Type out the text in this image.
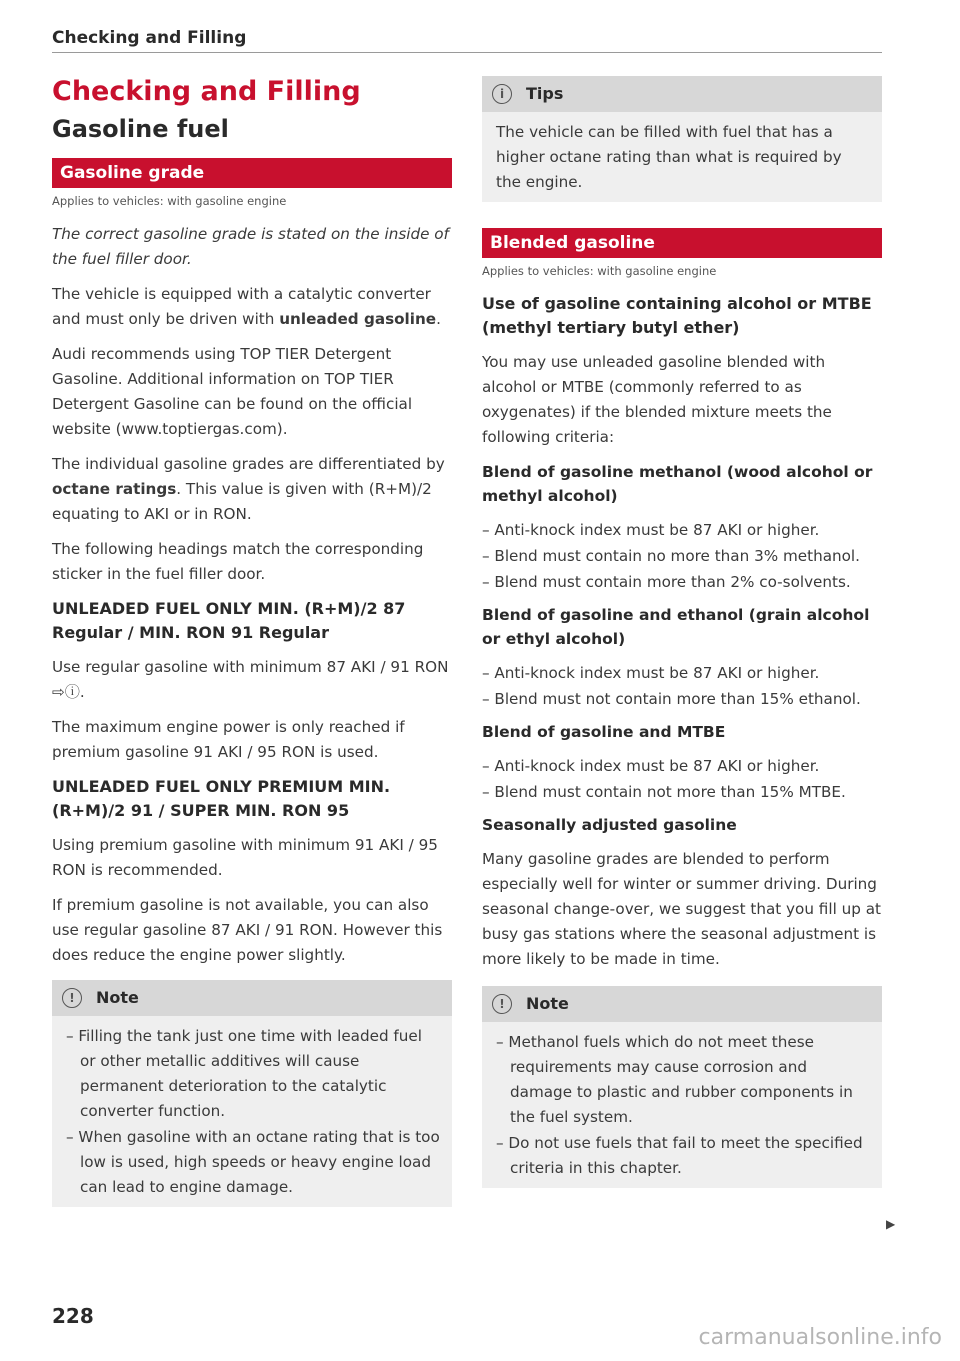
Checking and Filling
Checking and Filling
Gasoline fuel
Gasoline grade
Applies to vehicles: with gasoline engine

The correct gasoline grade is stated on the inside of the fuel filler door.

The vehicle is equipped with a catalytic converter and must only be driven with unleaded gasoline.

Audi recommends using TOP TIER Detergent Gasoline. Additional information on TOP TIER Detergent Gasoline can be found on the official website (www.toptiergas.com).

The individual gasoline grades are differentiated by octane ratings. This value is given with (R+M)/2 equating to AKI or in RON.

The following headings match the corresponding sticker in the fuel filler door.

UNLEADED FUEL ONLY MIN. (R+M)/2 87 Regular / MIN. RON 91 Regular

Use regular gasoline with minimum 87 AKI / 91 RON ⇨ⓘ.

The maximum engine power is only reached if premium gasoline 91 AKI / 95 RON is used.

UNLEADED FUEL ONLY PREMIUM MIN. (R+M)/2 91 / SUPER MIN. RON 95

Using premium gasoline with minimum 91 AKI / 95 RON is recommended.

If premium gasoline is not available, you can also use regular gasoline 87 AKI / 91 RON. However this does reduce the engine power slightly.

!	Note
– Filling the tank just one time with leaded fuel or other metallic additives will cause permanent deterioration to the catalytic converter function.
– When gasoline with an octane rating that is too low is used, high speeds or heavy engine load can lead to engine damage.
i	Tips

The vehicle can be filled with fuel that has a higher octane rating than what is required by the engine.

Blended gasoline
Applies to vehicles: with gasoline engine
Use of gasoline containing alcohol or MTBE (methyl tertiary butyl ether)

You may use unleaded gasoline blended with alcohol or MTBE (commonly referred to as oxygenates) if the blended mixture meets the following criteria:

Blend of gasoline methanol (wood alcohol or methyl alcohol)
– Anti-knock index must be 87 AKI or higher.
– Blend must contain no more than 3% methanol.
– Blend must contain more than 2% co-solvents.
Blend of gasoline and ethanol (grain alcohol or ethyl alcohol)
– Anti-knock index must be 87 AKI or higher.
– Blend must not contain more than 15% ethanol.
Blend of gasoline and MTBE
– Anti-knock index must be 87 AKI or higher.
– Blend must contain not more than 15% MTBE.
Seasonally adjusted gasoline

Many gasoline grades are blended to perform especially well for winter or summer driving. During seasonal change-over, we suggest that you fill up at busy gas stations where the seasonal adjustment is more likely to be made in time.

!	Note
– Methanol fuels which do not meet these requirements may cause corrosion and damage to plastic and rubber components in the fuel system.
– Do not use fuels that fail to meet the specified criteria in this chapter.
▶
228
carmanualsonline.info
